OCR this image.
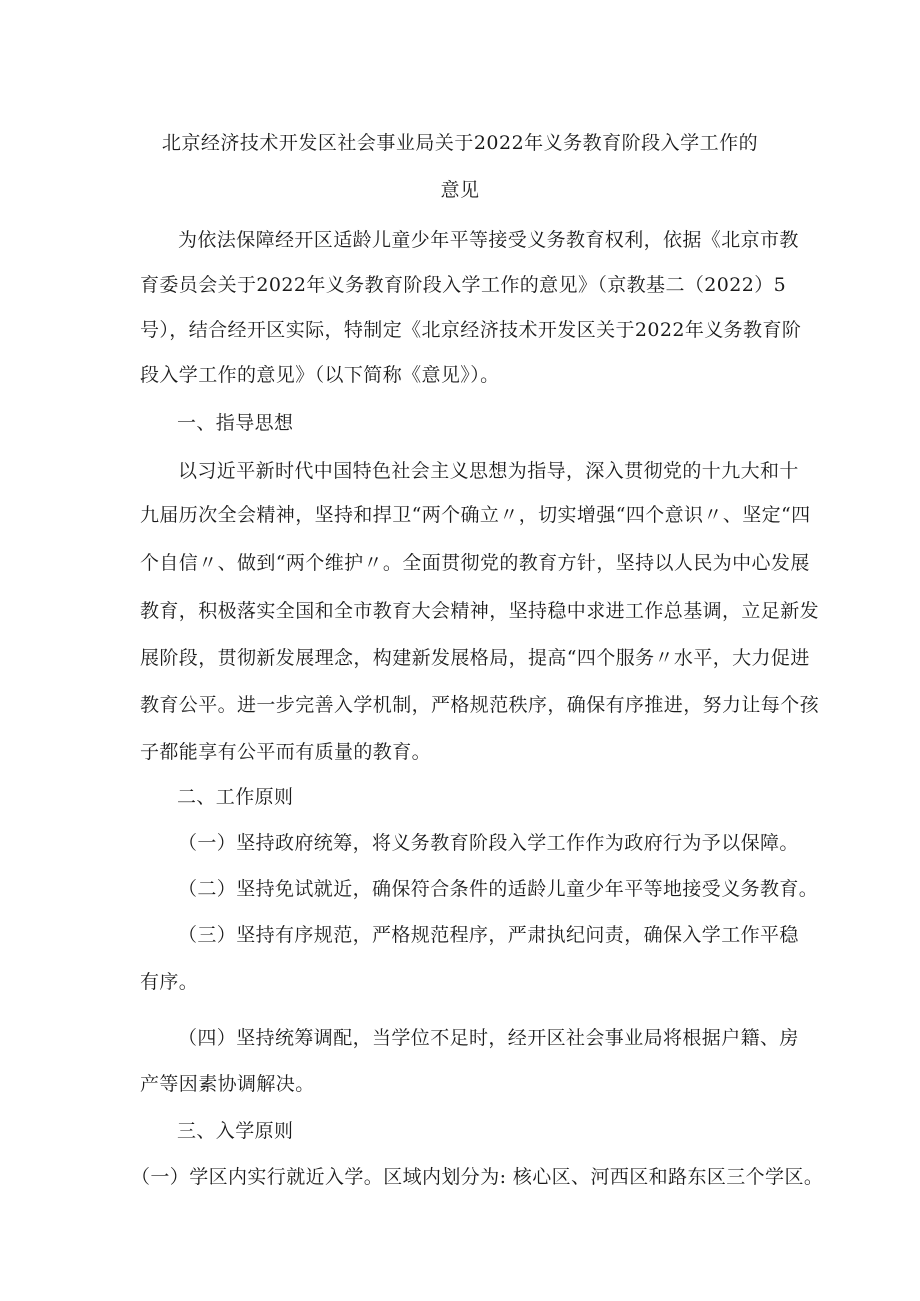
北京经济技术开发区社会事业局关于2022年义务教育阶段入学工作的
意见
为依法保障经开区适龄儿童少年平等接受义务教育权利，依据《北京市教
育委员会关于2022年义务教育阶段入学工作的意见》（京教基二（2022）5
号），结合经开区实际，特制定《北京经济技术开发区关于2022年义务教育阶
段入学工作的意见》（以下简称《意见》）。
一、指导思想
以习近平新时代中国特色社会主义思想为指导，深入贯彻党的十九大和十
九届历次全会精神，坚持和捍卫“两个确立〃，切实增强“四个意识〃、坚定“四
个自信〃、做到“两个维护〃。全面贯彻党的教育方针，坚持以人民为中心发展
教育，积极落实全国和全市教育大会精神，坚持稳中求进工作总基调，立足新发
展阶段，贯彻新发展理念，构建新发展格局，提高“四个服务〃水平，大力促进
教育公平。进一步完善入学机制，严格规范秩序，确保有序推进，努力让每个孩
子都能享有公平而有质量的教育。
二、工作原则
（一）坚持政府统筹，将义务教育阶段入学工作作为政府行为予以保障。
（二）坚持免试就近，确保符合条件的适龄儿童少年平等地接受义务教育。
（三）坚持有序规范，严格规范程序，严肃执纪问责，确保入学工作平稳
有序。
（四）坚持统筹调配，当学位不足时，经开区社会事业局将根据户籍、房
产等因素协调解决。
三、入学原则
（一）学区内实行就近入学。区域内划分为: 核心区、河西区和路东区三个学区。
